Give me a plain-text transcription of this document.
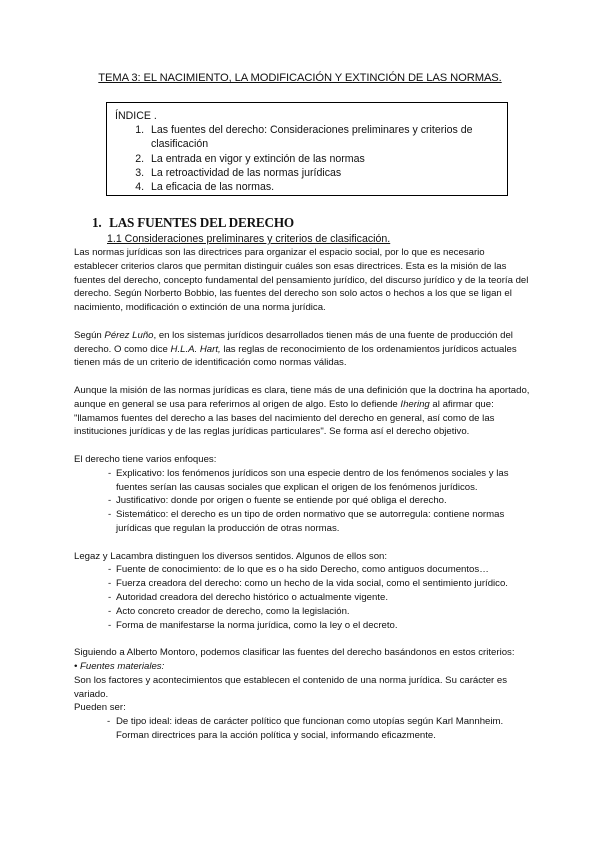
TEMA 3: EL NACIMIENTO, LA MODIFICACIÓN Y EXTINCIÓN DE LAS NORMAS.
ÍNDICE .
1. Las fuentes del derecho: Consideraciones preliminares y criterios de clasificación
2. La entrada en vigor y extinción de las normas
3. La retroactividad de las normas jurídicas
4. La eficacia de las normas.
1. LAS FUENTES DEL DERECHO
1.1 Consideraciones preliminares y criterios de clasificación.

Las normas jurídicas son las directrices para organizar el espacio social, por lo que es necesario establecer criterios claros que permitan distinguir cuáles son esas directrices. Esta es la misión de las fuentes del derecho, concepto fundamental del pensamiento jurídico, del discurso jurídico y de la teoría del derecho. Según Norberto Bobbio, las fuentes del derecho son solo actos o hechos a los que se ligan el nacimiento, modificación o extinción de una norma jurídica.

Según Pérez Luño, en los sistemas jurídicos desarrollados tienen más de una fuente de producción del derecho. O como dice H.L.A. Hart, las reglas de reconocimiento de los ordenamientos jurídicos actuales tienen más de un criterio de identificación como normas válidas.

Aunque la misión de las normas jurídicas es clara, tiene más de una definición que la doctrina ha aportado, aunque en general se usa para referirnos al origen de algo. Esto lo defiende Ihering al afirmar que: "llamamos fuentes del derecho a las bases del nacimiento del derecho en general, así como de las instituciones jurídicas y de las reglas jurídicas particulares". Se forma así el derecho objetivo.

El derecho tiene varios enfoques:

- Explicativo: los fenómenos jurídicos son una especie dentro de los fenómenos sociales y las fuentes serían las causas sociales que explican el origen de los fenómenos jurídicos.
- Justificativo: donde por origen o fuente se entiende por qué obliga el derecho.
- Sistemático: el derecho es un tipo de orden normativo que se autorregula: contiene normas jurídicas que regulan la producción de otras normas.

Legaz y Lacambra distinguen los diversos sentidos. Algunos de ellos son:

- Fuente de conocimiento: de lo que es o ha sido Derecho, como antiguos documentos…
- Fuerza creadora del derecho: como un hecho de la vida social, como el sentimiento jurídico.
- Autoridad creadora del derecho histórico o actualmente vigente.
- Acto concreto creador de derecho, como la legislación.
- Forma de manifestarse la norma jurídica, como la ley o el decreto.

Siguiendo a Alberto Montoro, podemos clasificar las fuentes del derecho basándonos en estos criterios:

• Fuentes materiales:

Son los factores y acontecimientos que establecen el contenido de una norma jurídica. Su carácter es variado.

Pueden ser:

- De tipo ideal: ideas de carácter político que funcionan como utopías según Karl Mannheim. Forman directrices para la acción política y social, informando eficazmente.
